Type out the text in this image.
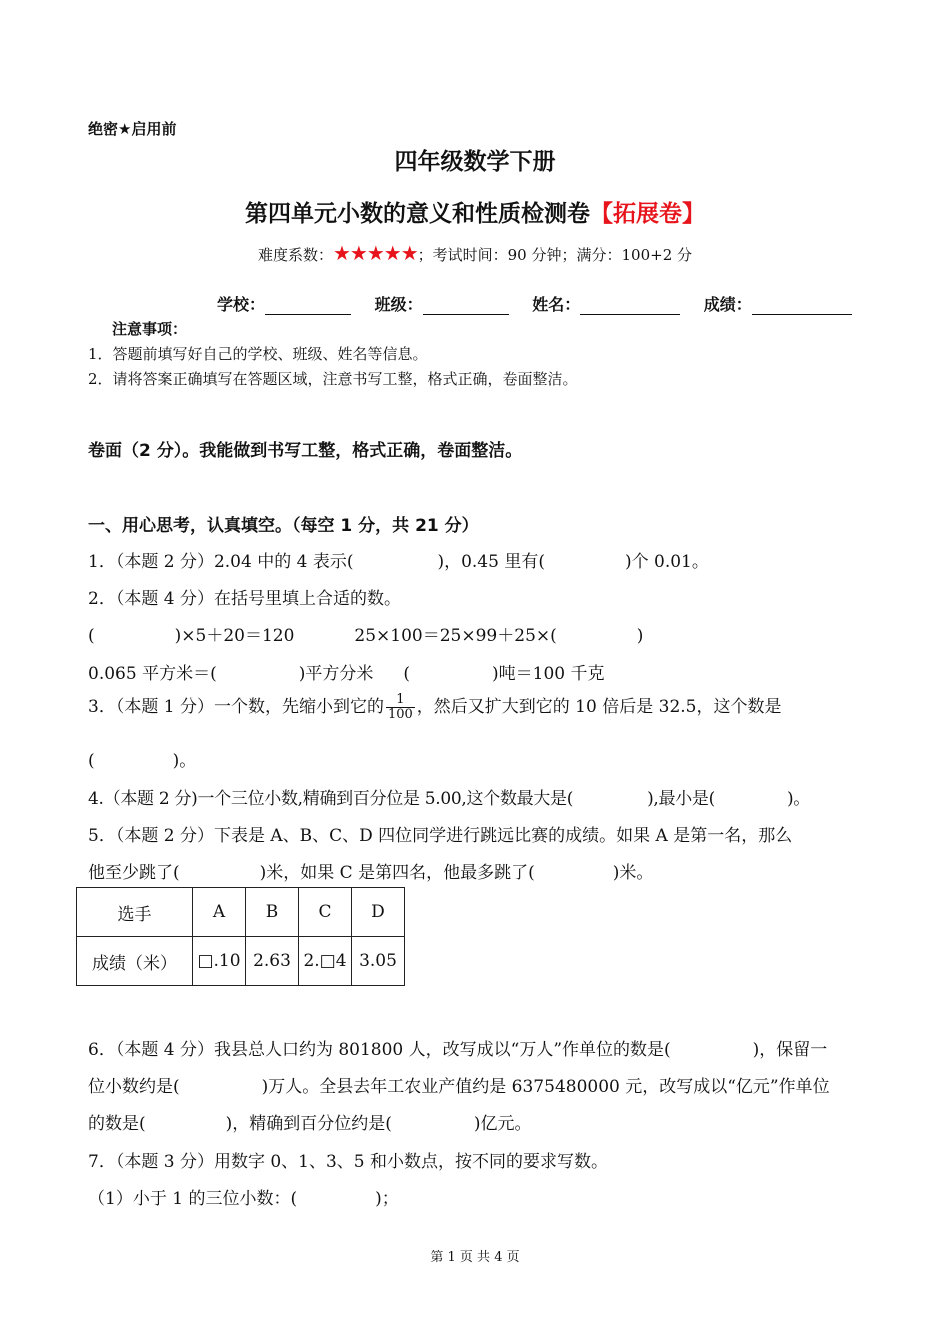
绝密★启用前
四年级数学下册
第四单元小数的意义和性质检测卷【拓展卷】
难度系数：★★★★★；考试时间：90 分钟；满分：100+2 分
学校：	班级：	姓名：	成绩：
注意事项：
1．答题前填写好自己的学校、班级、姓名等信息。
2．请将答案正确填写在答题区域，注意书写工整，格式正确，卷面整洁。
卷面（2 分）。我能做到书写工整，格式正确，卷面整洁。
一、用心思考，认真填空。（每空 1 分，共 21 分）
1．（本题 2 分）2.04 中的 4 表示(	)，0.45 里有(	)个 0.01。
2．（本题 4 分）在括号里填上合适的数。
(	)×5＋20＝120	25×100＝25×99＋25×(	)
0.065 平方米＝(	)平方分米 (	)吨＝100 千克
3．（本题 1 分）一个数，先缩小到它的 $\frac{1}{100}$ ，然后又扩大到它的 10 倍后是 32.5，这个数是
(	)。
4.（本题 2 分)一个三位小数,精确到百分位是 5.00,这个数最大是(	),最小是(	)。
5．（本题 2 分）下表是 A、B、C、D 四位同学进行跳远比赛的成绩。如果 A 是第一名，那么
他至少跳了(	)米，如果 C 是第四名，他最多跳了(	)米。
选手	A	B	C	D
成绩（米）	□.10	2.63	2.□4	3.05
6．（本题 4 分）我县总人口约为 801800 人，改写成以“万人”作单位的数是(	)，保留一
位小数约是(	)万人。全县去年工农业产值约是 6375480000 元，改写成以“亿元”作单位
的数是(	)，精确到百分位约是(	)亿元。
7．（本题 3 分）用数字 0、1、3、5 和小数点，按不同的要求写数。
（1）小于 1 的三位小数：(	)；
第 1 页 共 4 页
